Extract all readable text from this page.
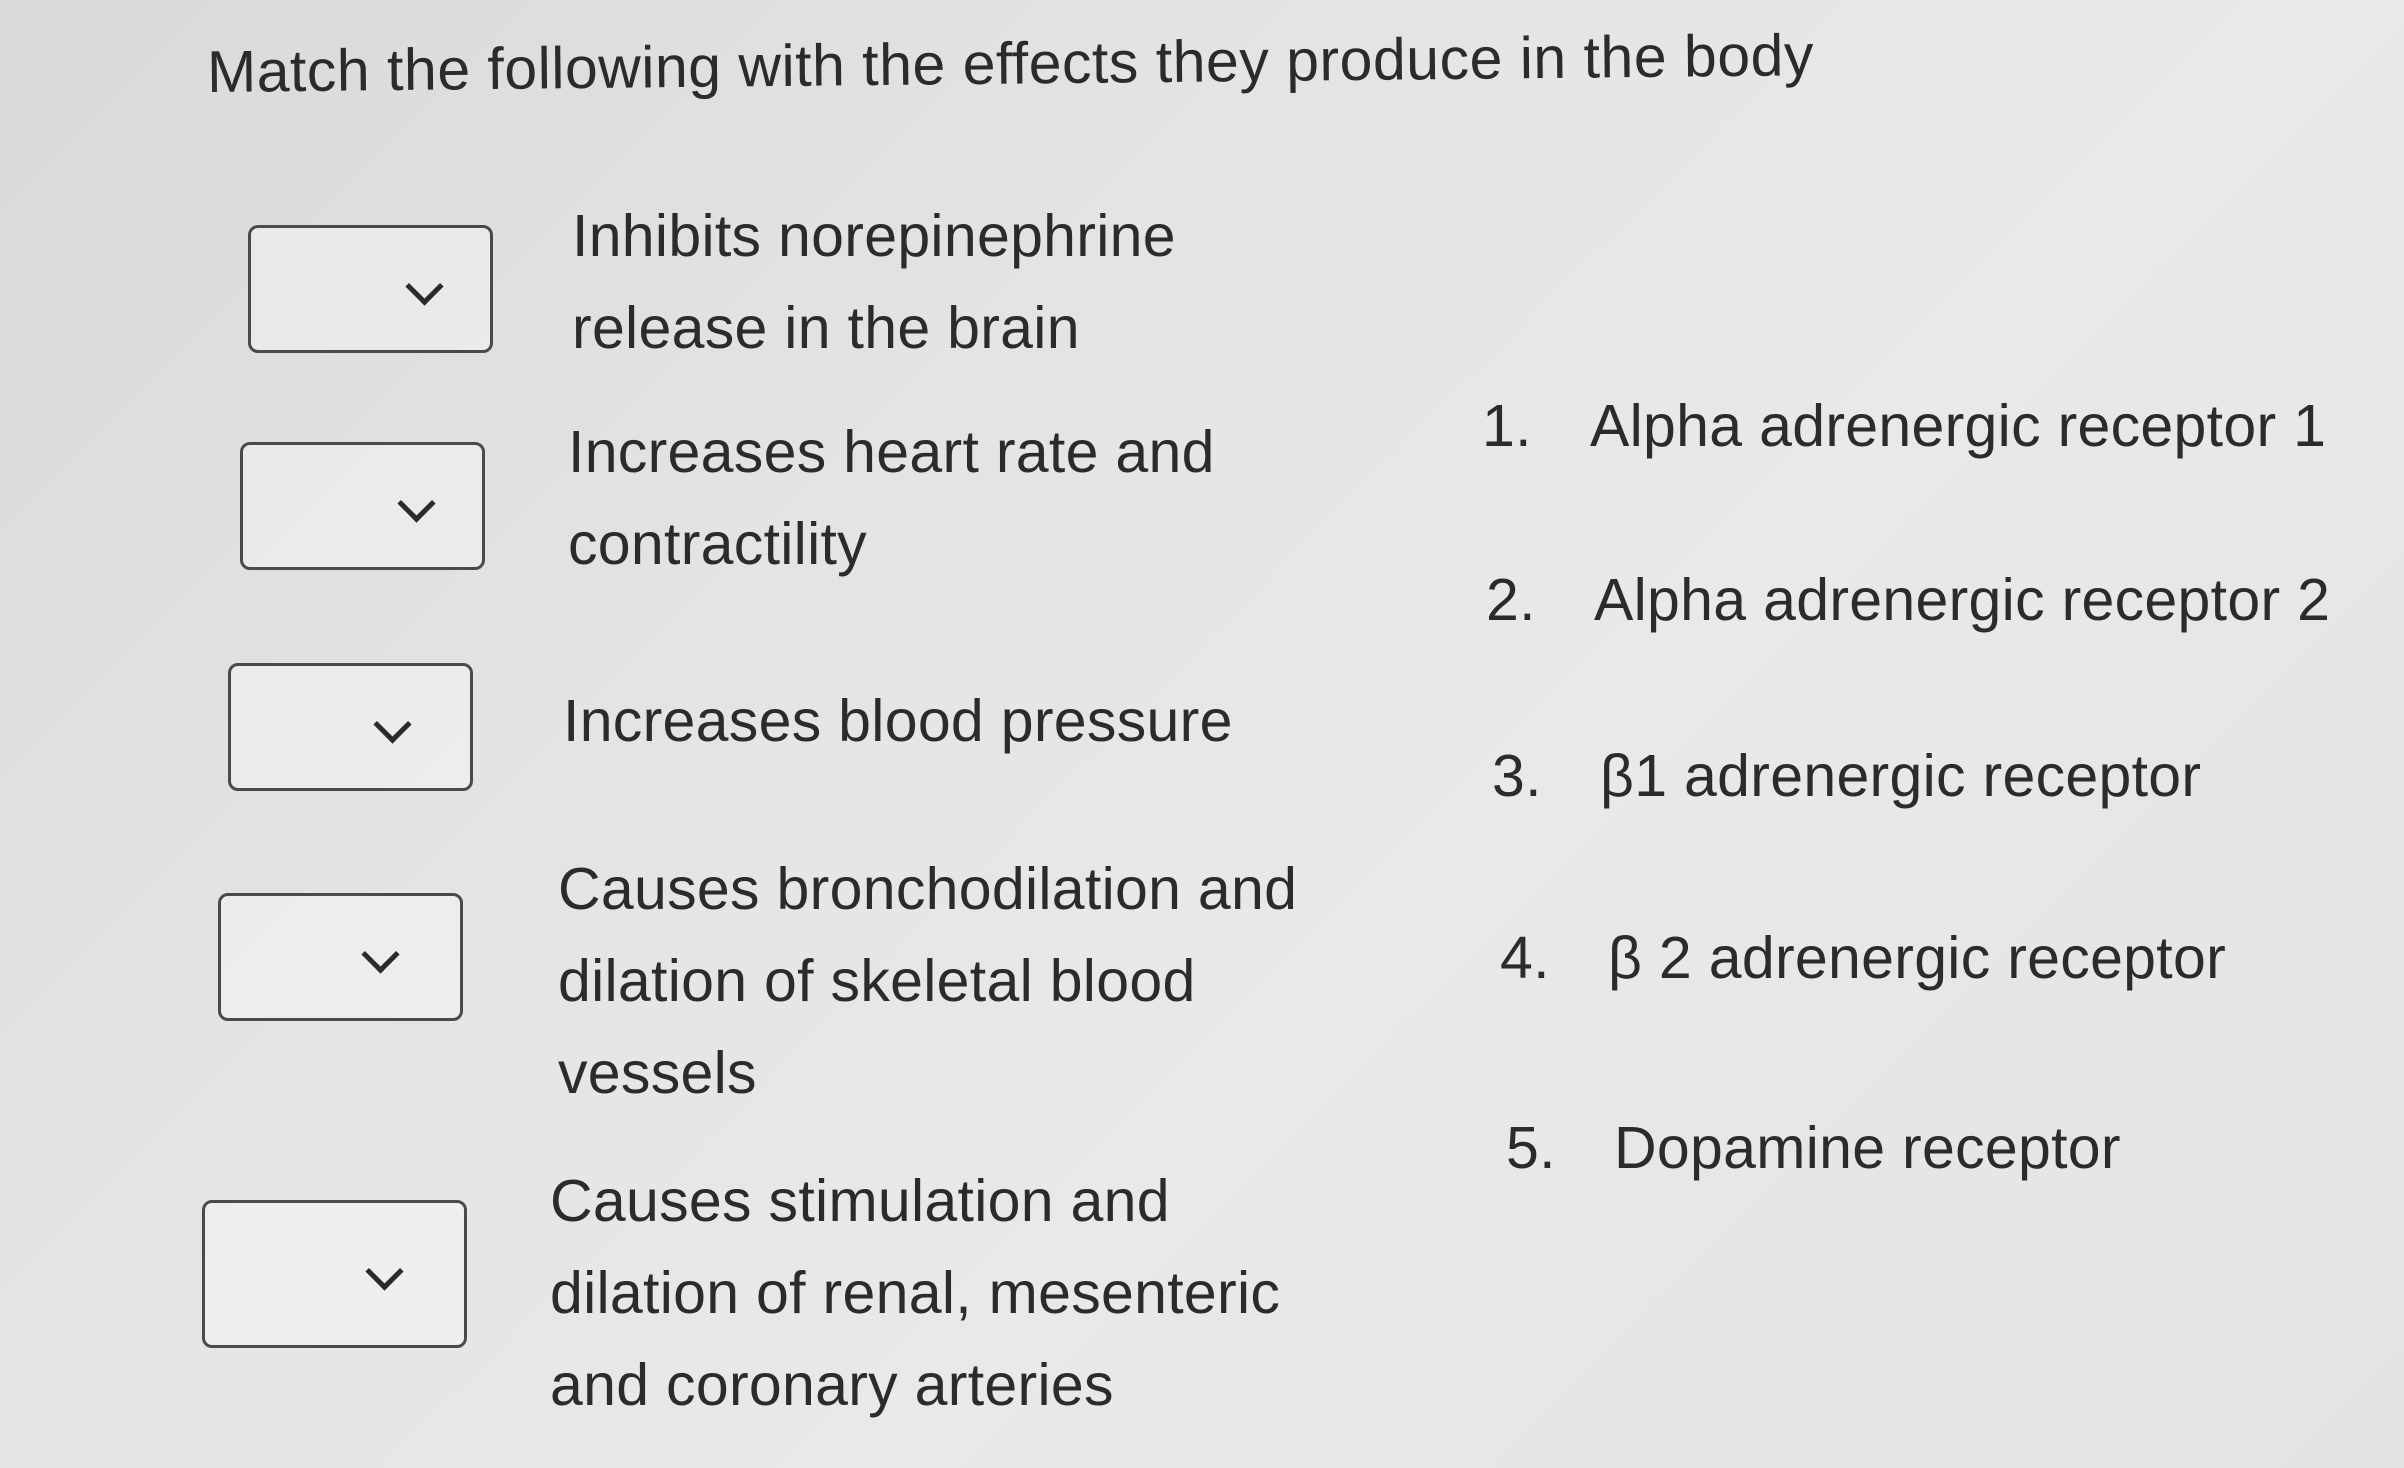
Match the following with the effects they produce in the body
Inhibits norepinephrine
release in the brain
Increases heart rate and
contractility
Increases blood pressure
Causes bronchodilation and
dilation of skeletal blood
vessels
Causes stimulation and
dilation of renal, mesenteric
and coronary arteries
1. Alpha adrenergic receptor 1
2. Alpha adrenergic receptor 2
3. β1 adrenergic receptor
4. β 2 adrenergic receptor
5. Dopamine receptor
